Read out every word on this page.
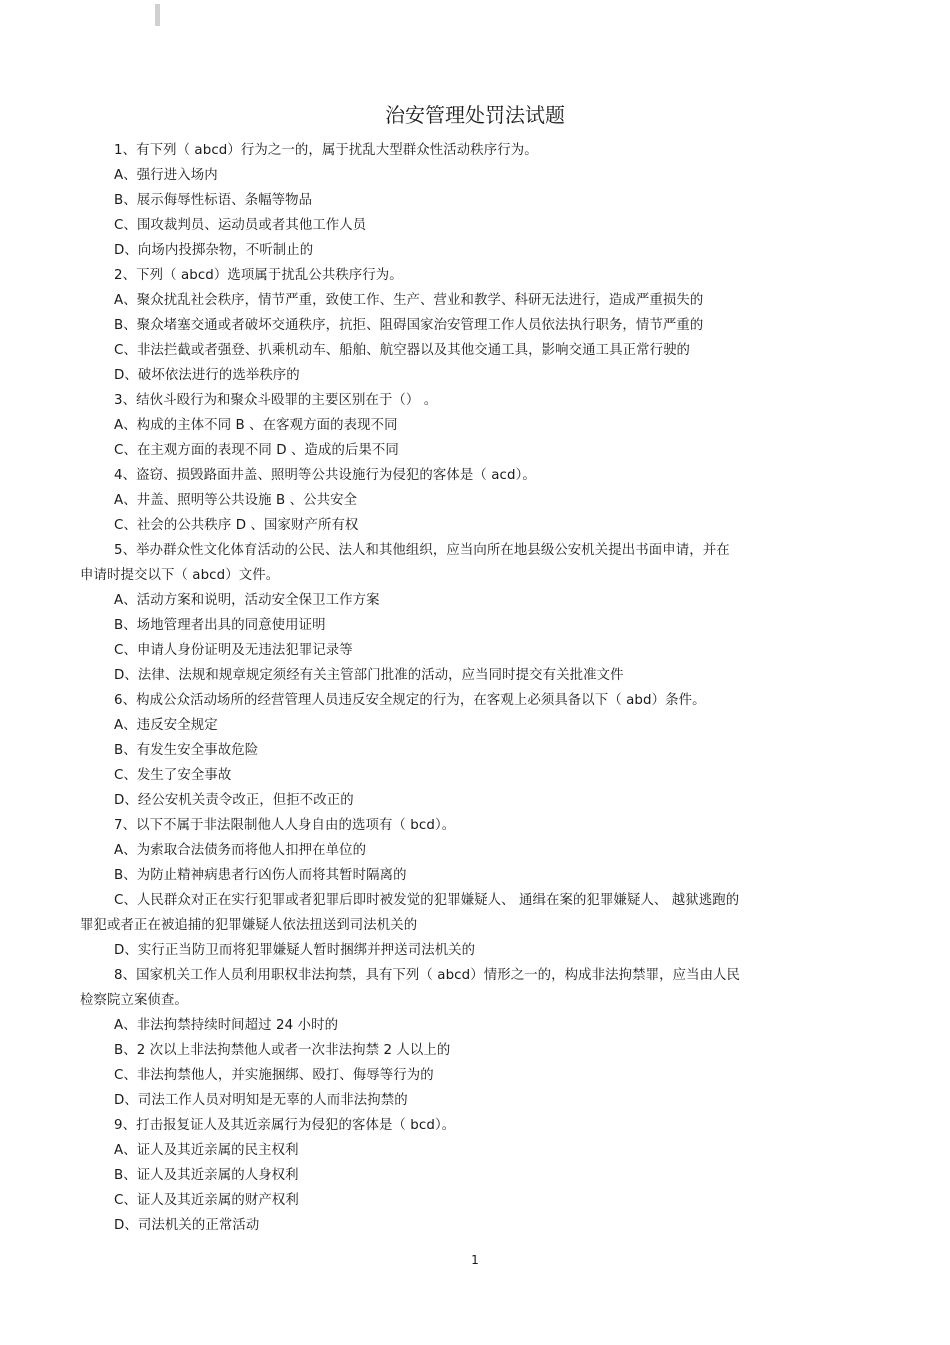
治安管理处罚法试题
1、有下列（ abcd）行为之一的，属于扰乱大型群众性活动秩序行为。
A、强行进入场内
B、展示侮辱性标语、条幅等物品
C、围攻裁判员、运动员或者其他工作人员
D、向场内投掷杂物，不听制止的
2、下列（ abcd）选项属于扰乱公共秩序行为。
A、聚众扰乱社会秩序，情节严重，致使工作、生产、营业和教学、科研无法进行，造成严重损失的
B、聚众堵塞交通或者破坏交通秩序，抗拒、阻碍国家治安管理工作人员依法执行职务，情节严重的
C、非法拦截或者强登、扒乘机动车、船舶、航空器以及其他交通工具，影响交通工具正常行驶的
D、破坏依法进行的选举秩序的
3、结伙斗殴行为和聚众斗殴罪的主要区别在于（） 。
A、构成的主体不同 B 、在客观方面的表现不同
C、在主观方面的表现不同 D 、造成的后果不同
4、盗窃、损毁路面井盖、照明等公共设施行为侵犯的客体是（ acd）。
A、井盖、照明等公共设施 B 、公共安全
C、社会的公共秩序 D 、国家财产所有权
5、举办群众性文化体育活动的公民、法人和其他组织，应当向所在地县级公安机关提出书面申请，并在
申请时提交以下（ abcd）文件。
A、活动方案和说明，活动安全保卫工作方案
B、场地管理者出具的同意使用证明
C、申请人身份证明及无违法犯罪记录等
D、法律、法规和规章规定须经有关主管部门批准的活动，应当同时提交有关批准文件
6、构成公众活动场所的经营管理人员违反安全规定的行为，在客观上必须具备以下（ abd）条件。
A、违反安全规定
B、有发生安全事故危险
C、发生了安全事故
D、经公安机关责令改正，但拒不改正的
7、以下不属于非法限制他人人身自由的选项有（ bcd）。
A、为索取合法债务而将他人扣押在单位的
B、为防止精神病患者行凶伤人而将其暂时隔离的
C、人民群众对正在实行犯罪或者犯罪后即时被发觉的犯罪嫌疑人、 通缉在案的犯罪嫌疑人、 越狱逃跑的
罪犯或者正在被追捕的犯罪嫌疑人依法扭送到司法机关的
D、实行正当防卫而将犯罪嫌疑人暂时捆绑并押送司法机关的
8、国家机关工作人员利用职权非法拘禁，具有下列（ abcd）情形之一的，构成非法拘禁罪，应当由人民
检察院立案侦查。
A、非法拘禁持续时间超过 24 小时的
B、2 次以上非法拘禁他人或者一次非法拘禁 2 人以上的
C、非法拘禁他人，并实施捆绑、殴打、侮辱等行为的
D、司法工作人员对明知是无辜的人而非法拘禁的
9、打击报复证人及其近亲属行为侵犯的客体是（ bcd）。
A、证人及其近亲属的民主权利
B、证人及其近亲属的人身权利
C、证人及其近亲属的财产权利
D、司法机关的正常活动
1
